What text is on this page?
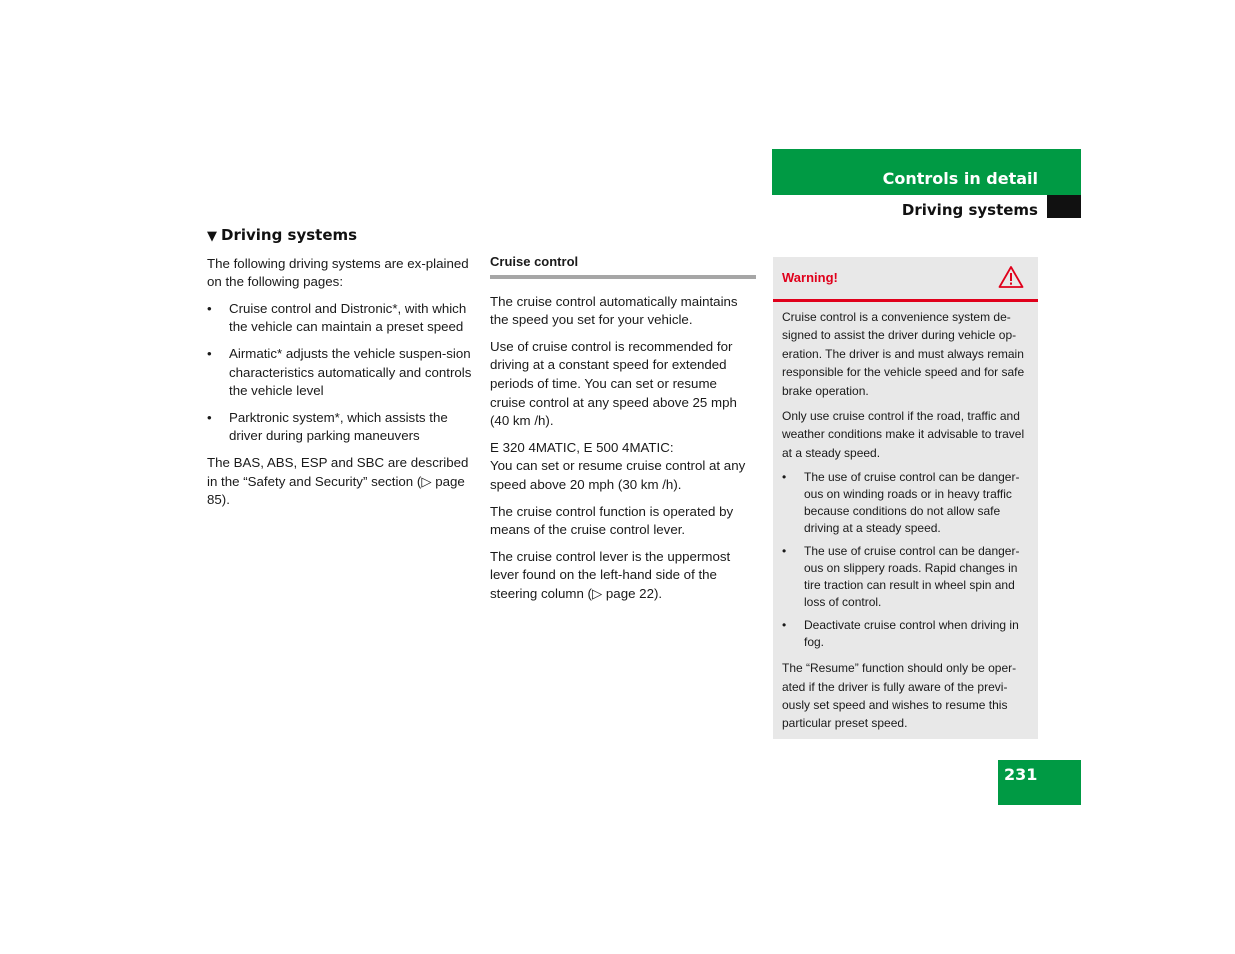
Controls in detail
Driving systems
▼ Driving systems

The following driving systems are ex-plained on the following pages:

• Cruise control and Distronic*, with which the vehicle can maintain a preset speed
• Airmatic* adjusts the vehicle suspen-sion characteristics automatically and controls the vehicle level
• Parktronic system*, which assists the driver during parking maneuvers

The BAS, ABS, ESP and SBC are described in the “Safety and Security” section (▷ page 85).

Cruise control

The cruise control automatically maintains the speed you set for your vehicle.

Use of cruise control is recommended for driving at a constant speed for extended periods of time. You can set or resume cruise control at any speed above 25 mph (40 km /h).

E 320 4MATIC, E 500 4MATIC:

You can set or resume cruise control at any speed above 20 mph (30 km /h).

The cruise control function is operated by means of the cruise control lever.

The cruise control lever is the uppermost lever found on the left-hand side of the steering column (▷ page 22).

Warning!

Cruise control is a convenience system de-signed to assist the driver during vehicle op-eration. The driver is and must always remain responsible for the vehicle speed and for safe brake operation.

Only use cruise control if the road, traffic and weather conditions make it advisable to travel at a steady speed.

• The use of cruise control can be danger-ous on winding roads or in heavy traffic because conditions do not allow safe driving at a steady speed.
• The use of cruise control can be danger-ous on slippery roads. Rapid changes in tire traction can result in wheel spin and loss of control.
• Deactivate cruise control when driving in fog.

The “Resume” function should only be oper-ated if the driver is fully aware of the previ-ously set speed and wishes to resume this particular preset speed.

231
